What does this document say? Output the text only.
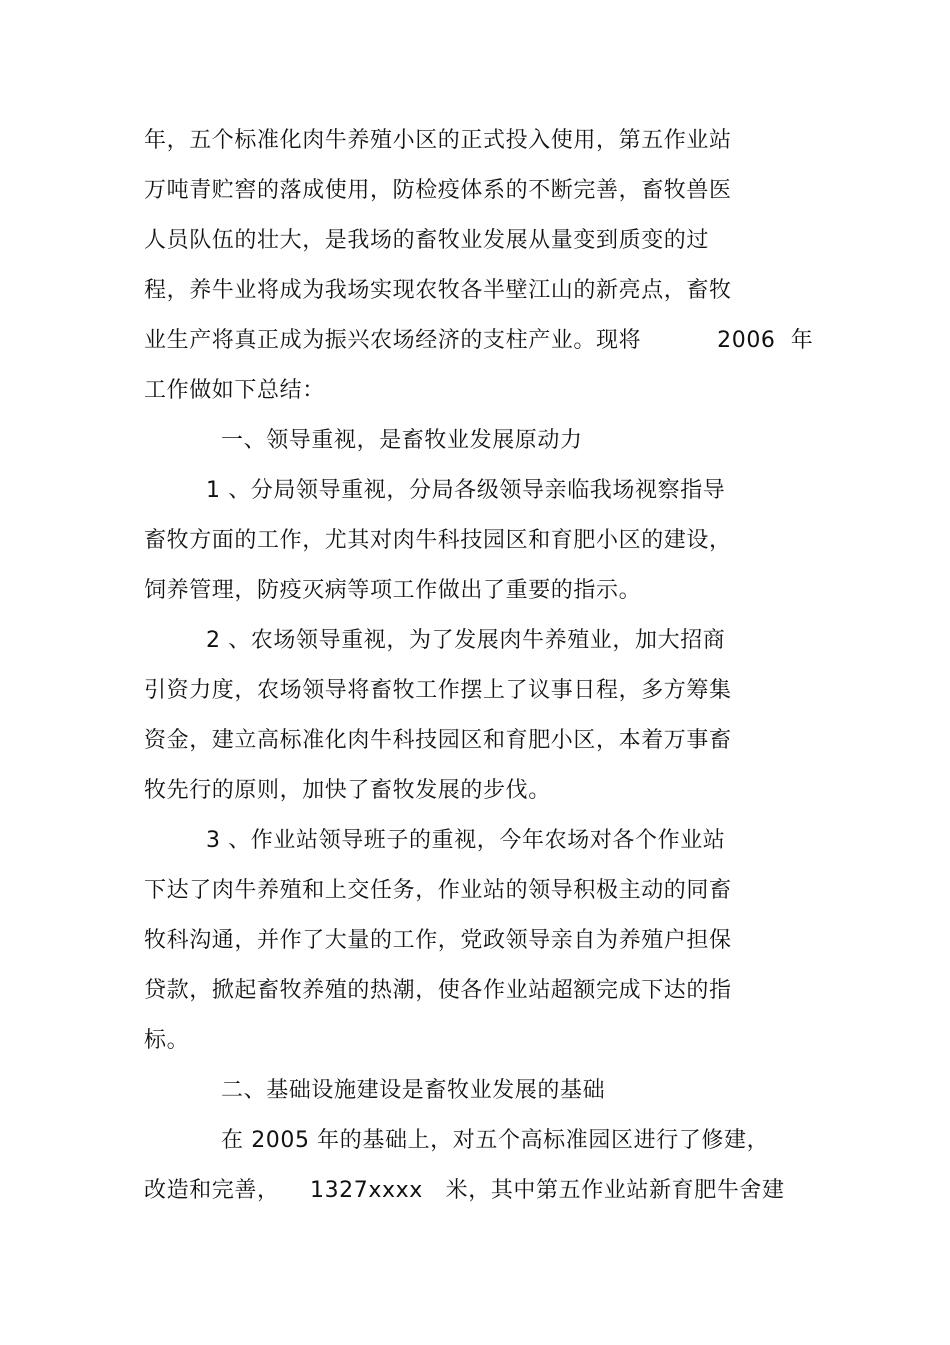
年，五个标准化肉牛养殖小区的正式投入使用，第五作业站
万吨青贮窖的落成使用，防检疫体系的不断完善，畜牧兽医
人员队伍的壮大，是我场的畜牧业发展从量变到质变的过
程，养牛业将成为我场实现农牧各半壁江山的新亮点，畜牧
业生产将真正成为振兴农场经济的支柱产业。现将          2006  年
工作做如下总结：
一、领导重视，是畜牧业发展原动力
1 、分局领导重视，分局各级领导亲临我场视察指导
畜牧方面的工作，尤其对肉牛科技园区和育肥小区的建设，
饲养管理，防疫灭病等项工作做出了重要的指示。
2 、农场领导重视，为了发展肉牛养殖业，加大招商
引资力度，农场领导将畜牧工作摆上了议事日程，多方筹集
资金，建立高标准化肉牛科技园区和育肥小区，本着万事畜
牧先行的原则，加快了畜牧发展的步伐。
3 、作业站领导班子的重视，今年农场对各个作业站
下达了肉牛养殖和上交任务，作业站的领导积极主动的同畜
牧科沟通，并作了大量的工作，党政领导亲自为养殖户担保
贷款，掀起畜牧养殖的热潮，使各作业站超额完成下达的指
标。
二、基础设施建设是畜牧业发展的基础
在 2005 年的基础上，对五个高标准园区进行了修建，
改造和完善，    1327xxxx   米，其中第五作业站新育肥牛舍建
